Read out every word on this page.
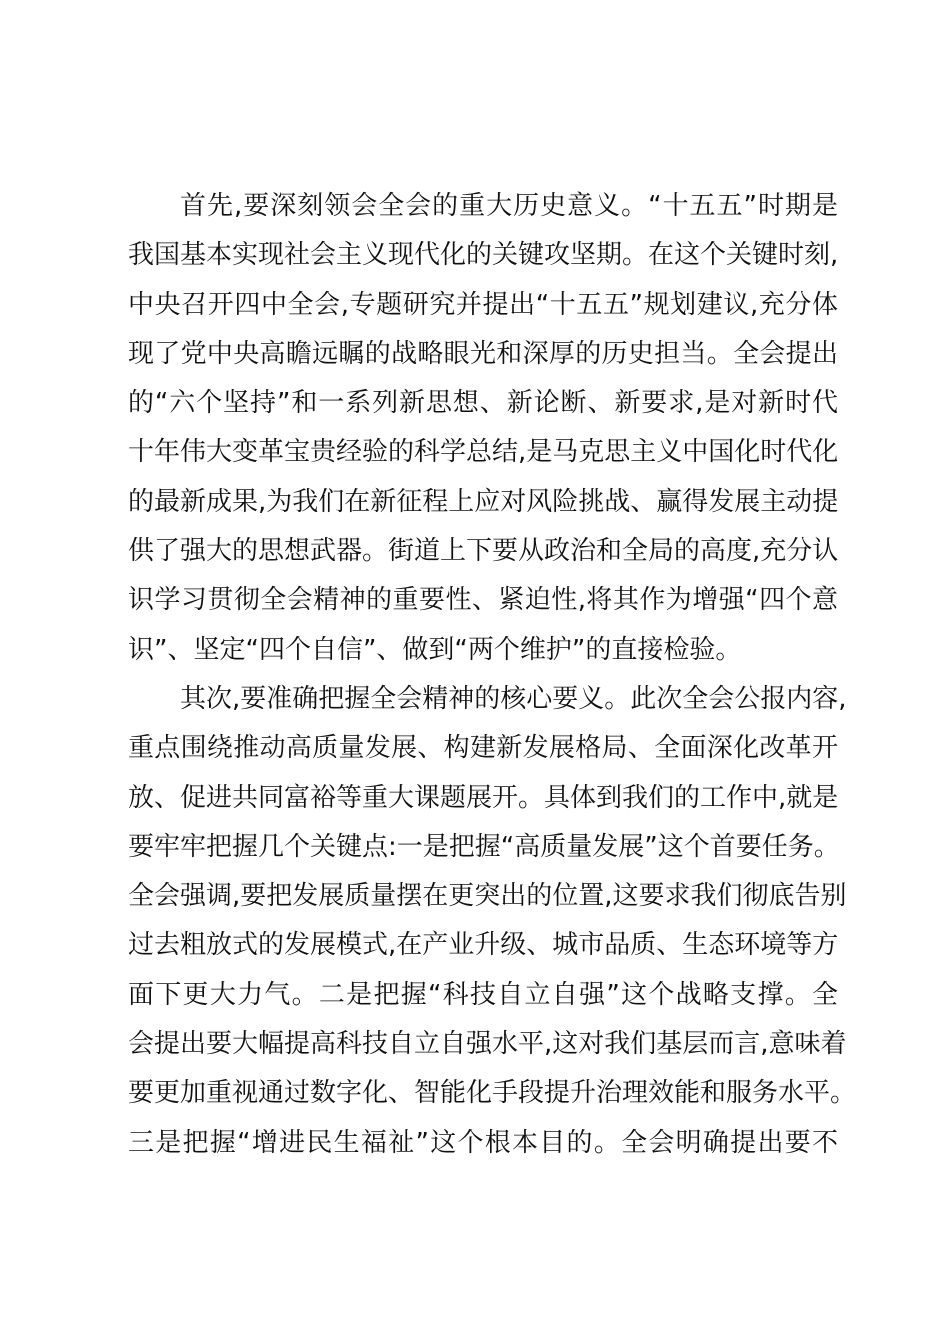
首先,要深刻领会全会的重大历史意义。“十五五”时期是
我国基本实现社会主义现代化的关键攻坚期。在这个关键时刻,
中央召开四中全会,专题研究并提出“十五五”规划建议,充分体
现了党中央高瞻远瞩的战略眼光和深厚的历史担当。全会提出
的“六个坚持”和一系列新思想、新论断、新要求,是对新时代
十年伟大变革宝贵经验的科学总结,是马克思主义中国化时代化
的最新成果,为我们在新征程上应对风险挑战、赢得发展主动提
供了强大的思想武器。街道上下要从政治和全局的高度,充分认
识学习贯彻全会精神的重要性、紧迫性,将其作为增强“四个意
识”、坚定“四个自信”、做到“两个维护”的直接检验。
其次,要准确把握全会精神的核心要义。此次全会公报内容,
重点围绕推动高质量发展、构建新发展格局、全面深化改革开
放、促进共同富裕等重大课题展开。具体到我们的工作中,就是
要牢牢把握几个关键点:一是把握“高质量发展”这个首要任务。
全会强调,要把发展质量摆在更突出的位置,这要求我们彻底告别
过去粗放式的发展模式,在产业升级、城市品质、生态环境等方
面下更大力气。二是把握“科技自立自强”这个战略支撑。全
会提出要大幅提高科技自立自强水平,这对我们基层而言,意味着
要更加重视通过数字化、智能化手段提升治理效能和服务水平。
三是把握“增进民生福祉”这个根本目的。全会明确提出要不
